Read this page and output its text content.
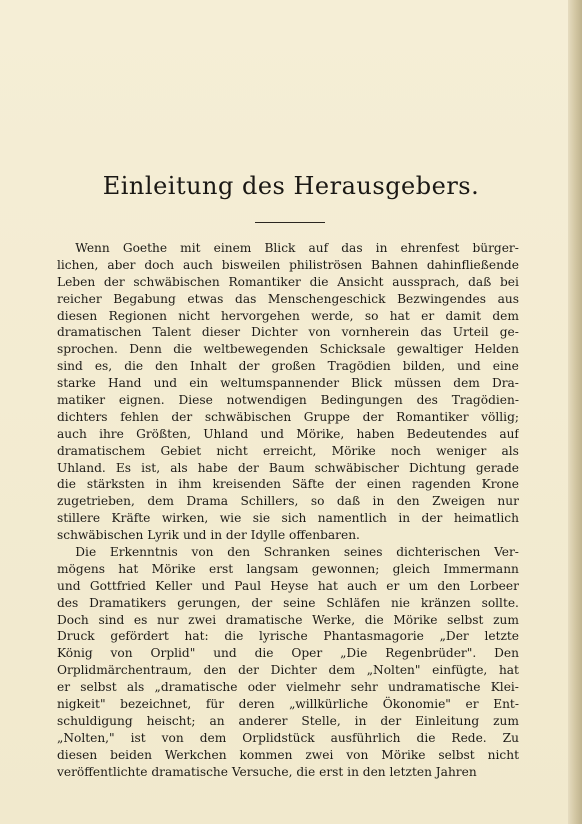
Einleitung des Herausgebers.

  Wenn Goethe mit einem Blick auf das in ehrenfest bürger-
lichen, aber doch auch bisweilen philiströsen Bahnen dahinfließende
Leben der schwäbischen Romantiker die Ansicht aussprach, daß bei
reicher Begabung etwas das Menschengeschick Bezwingendes aus
diesen Regionen nicht hervorgehen werde, so hat er damit dem
dramatischen Talent dieser Dichter von vornherein das Urteil ge-
sprochen. Denn die weltbewegenden Schicksale gewaltiger Helden
sind es, die den Inhalt der großen Tragödien bilden, und eine
starke Hand und ein weltumspannender Blick müssen dem Dra-
matiker eignen. Diese notwendigen Bedingungen des Tragödien-
dichters fehlen der schwäbischen Gruppe der Romantiker völlig;
auch ihre Größten, Uhland und Mörike, haben Bedeutendes auf
dramatischem Gebiet nicht erreicht, Mörike noch weniger als
Uhland. Es ist, als habe der Baum schwäbischer Dichtung gerade
die stärksten in ihm kreisenden Säfte der einen ragenden Krone
zugetrieben, dem Drama Schillers, so daß in den Zweigen nur
stillere Kräfte wirken, wie sie sich namentlich in der heimatlich
schwäbischen Lyrik und in der Idylle offenbaren.

  Die Erkenntnis von den Schranken seines dichterischen Ver-
mögens hat Mörike erst langsam gewonnen; gleich Immermann
und Gottfried Keller und Paul Heyse hat auch er um den Lorbeer
des Dramatikers gerungen, der seine Schläfen nie kränzen sollte.
Doch sind es nur zwei dramatische Werke, die Mörike selbst zum
Druck gefördert hat: die lyrische Phantasmagorie „Der letzte
König von Orplid" und die Oper „Die Regenbrüder". Den
Orplidmärchentraum, den der Dichter dem „Nolten" einfügte, hat
er selbst als „dramatische oder vielmehr sehr undramatische Klei-
nigkeit" bezeichnet, für deren „willkürliche Ökonomie" er Ent-
schuldigung heischt; an anderer Stelle, in der Einleitung zum
„Nolten," ist von dem Orplidstück ausführlich die Rede. Zu
diesen beiden Werkchen kommen zwei von Mörike selbst nicht
veröffentlichte dramatische Versuche, die erst in den letzten Jahren
